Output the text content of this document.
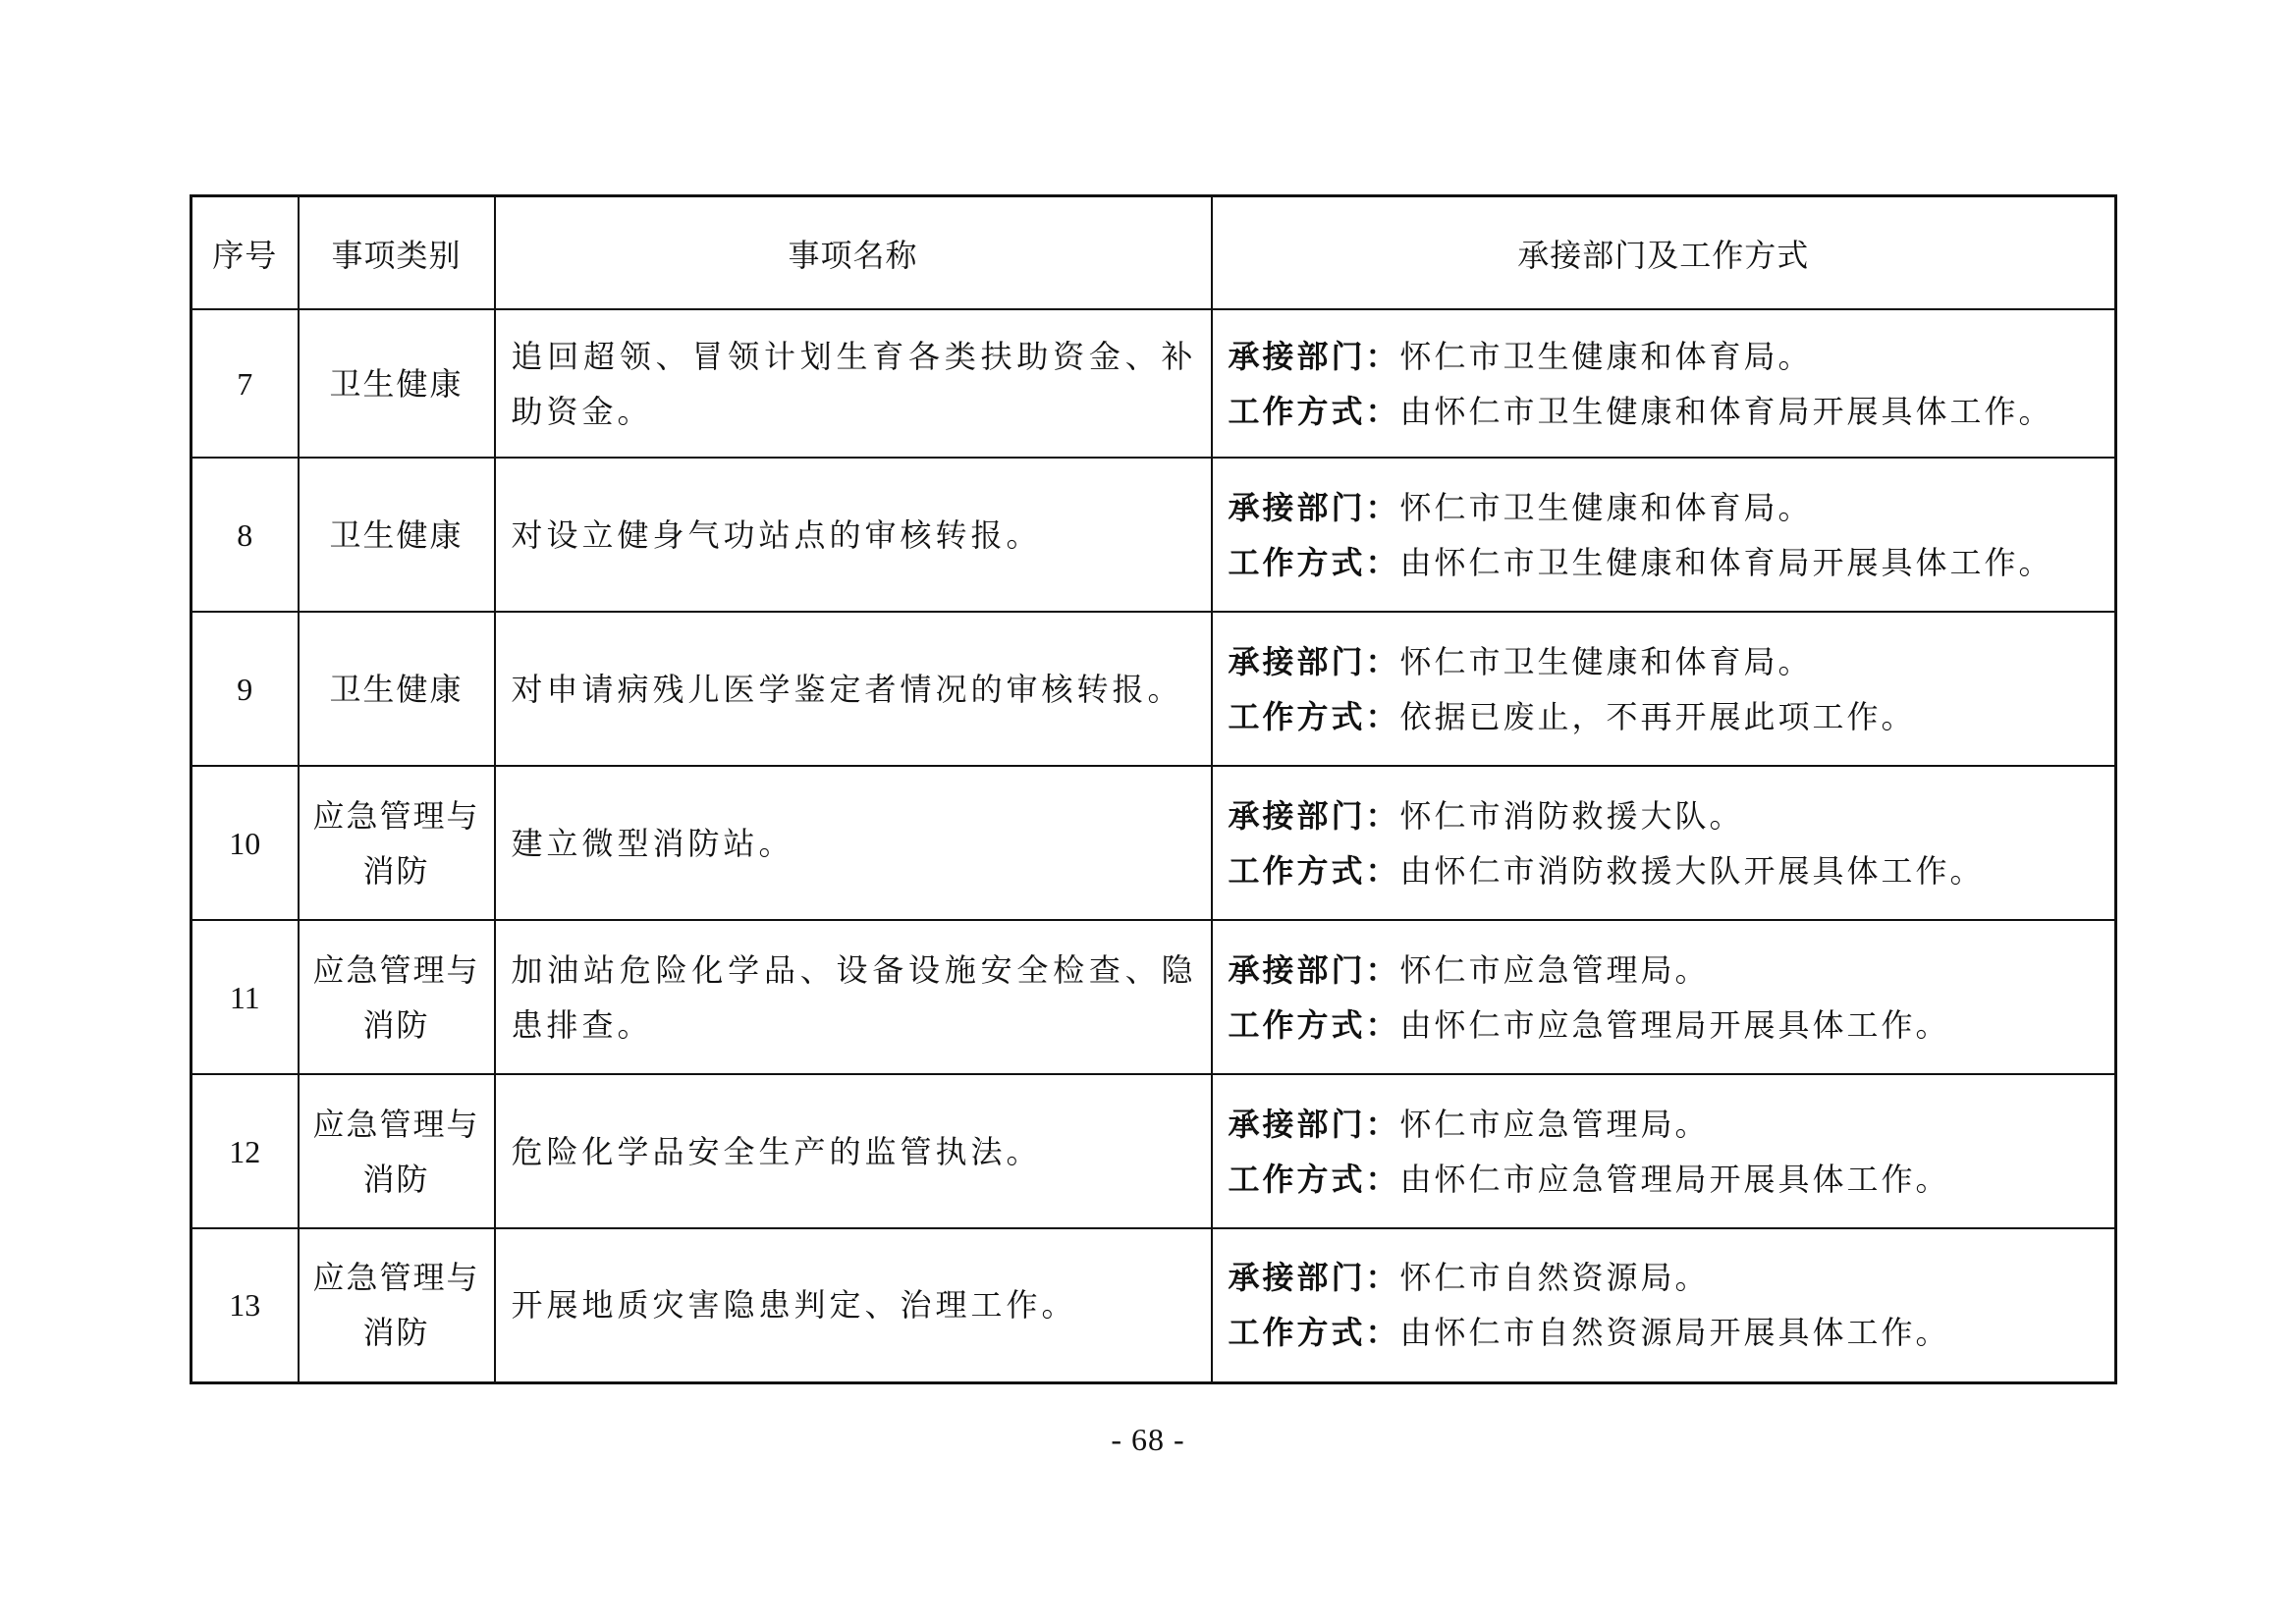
序号	事项类别	事项名称	承接部门及工作方式
7	卫生健康	追回超领、冒领计划生育各类扶助资金、补助资金。	承接部门：怀仁市卫生健康和体育局。
工作方式：由怀仁市卫生健康和体育局开展具体工作。

8	卫生健康	对设立健身气功站点的审核转报。	承接部门：怀仁市卫生健康和体育局。
工作方式：由怀仁市卫生健康和体育局开展具体工作。

9	卫生健康	对申请病残儿医学鉴定者情况的审核转报。	承接部门：怀仁市卫生健康和体育局。
工作方式：依据已废止，不再开展此项工作。

10	应急管理与消防	建立微型消防站。	承接部门：怀仁市消防救援大队。
工作方式：由怀仁市消防救援大队开展具体工作。

11	应急管理与消防	加油站危险化学品、设备设施安全检查、隐患排查。	承接部门：怀仁市应急管理局。
工作方式：由怀仁市应急管理局开展具体工作。

12	应急管理与消防	危险化学品安全生产的监管执法。	承接部门：怀仁市应急管理局。
工作方式：由怀仁市应急管理局开展具体工作。

13	应急管理与消防	开展地质灾害隐患判定、治理工作。	承接部门：怀仁市自然资源局。
工作方式：由怀仁市自然资源局开展具体工作。
- 68 -
